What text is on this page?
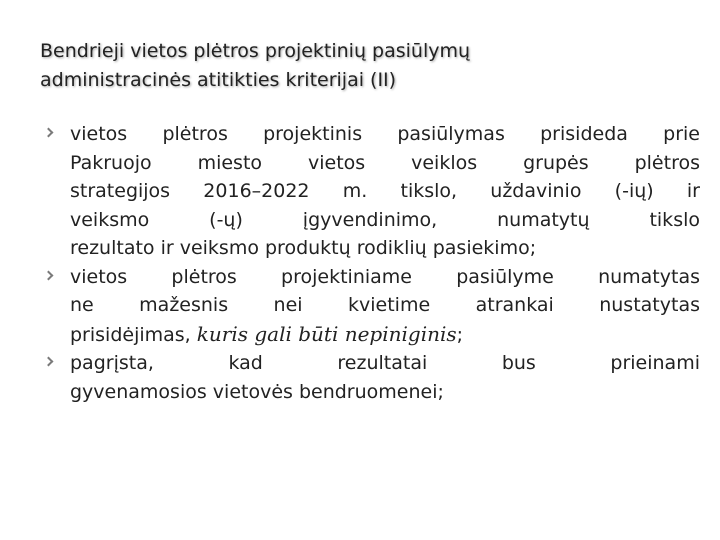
Bendrieji vietos plėtros projektinių pasiūlymų
administracinės atitikties kriterijai (II)
vietos plėtros projektinis pasiūlymas prisideda prie
Pakruojo miesto vietos veiklos grupės plėtros
strategijos 2016–2022 m. tikslo, uždavinio (-ių) ir
veiksmo (-ų) įgyvendinimo, numatytų tikslo
rezultato ir veiksmo produktų rodiklių pasiekimo;
vietos plėtros projektiniame pasiūlyme numatytas
ne mažesnis nei kvietime atrankai nustatytas
prisidėjimas, kuris gali būti nepiniginis;
pagrįsta, kad rezultatai bus prieinami
gyvenamosios vietovės bendruomenei;
